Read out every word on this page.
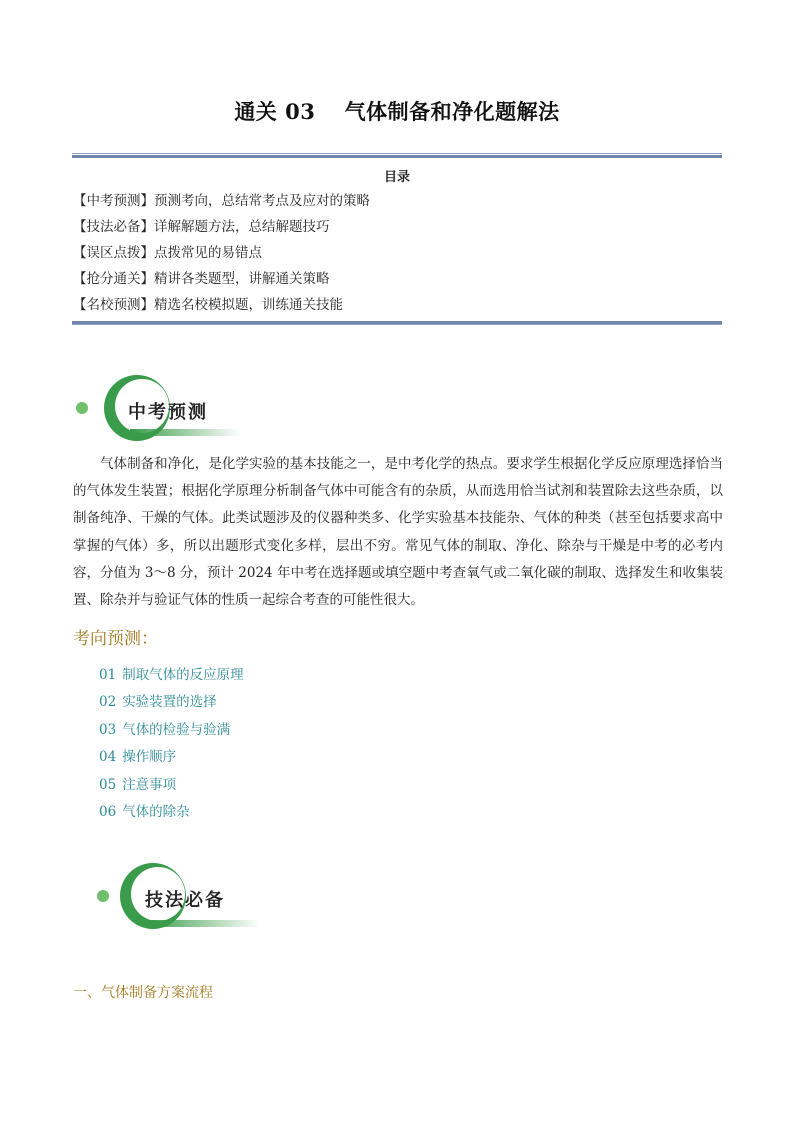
通关 03　 气体制备和净化题解法
目录
【中考预测】预测考向，总结常考点及应对的策略
【技法必备】详解解题方法，总结解题技巧
【误区点拨】点拨常见的易错点
【抢分通关】精讲各类题型，讲解通关策略
【名校预测】精选名校模拟题，训练通关技能
中考预测

气体制备和净化，是化学实验的基本技能之一，是中考化学的热点。要求学生根据化学反应原理选择恰当的气体发生装置；根据化学原理分析制备气体中可能含有的杂质，从而选用恰当试剂和装置除去这些杂质，以制备纯净、干燥的气体。此类试题涉及的仪器种类多、化学实验基本技能杂、气体的种类（甚至包括要求高中掌握的气体）多，所以出题形式变化多样，层出不穷。常见气体的制取、净化、除杂与干燥是中考的必考内容，分值为 3～8 分，预计 2024 年中考在选择题或填空题中考查氧气或二氧化碳的制取、选择发生和收集装置、除杂并与验证气体的性质一起综合考查的可能性很大。

考向预测：
01 制取气体的反应原理
02 实验装置的选择
03 气体的检验与验满
04 操作顺序
05 注意事项
06 气体的除杂
技法必备
一、气体制备方案流程
